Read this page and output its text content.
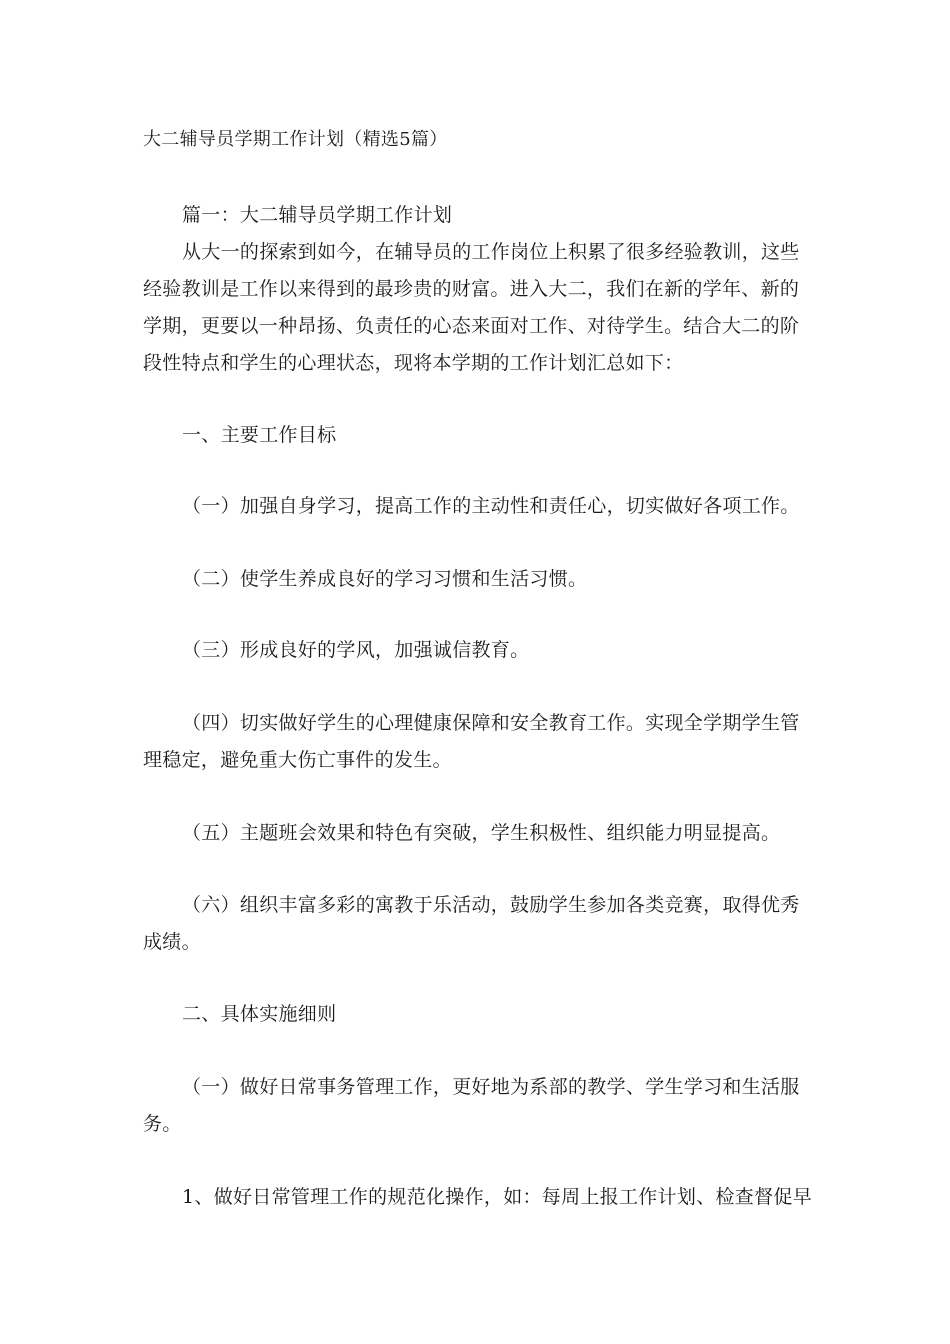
大二辅导员学期工作计划（精选5篇）
篇一：大二辅导员学期工作计划
从大一的探索到如今，在辅导员的工作岗位上积累了很多经验教训，这些
经验教训是工作以来得到的最珍贵的财富。进入大二，我们在新的学年、新的
学期，更要以一种昂扬、负责任的心态来面对工作、对待学生。结合大二的阶
段性特点和学生的心理状态，现将本学期的工作计划汇总如下：
一、主要工作目标
（一）加强自身学习，提高工作的主动性和责任心，切实做好各项工作。
（二）使学生养成良好的学习习惯和生活习惯。
（三）形成良好的学风，加强诚信教育。
（四）切实做好学生的心理健康保障和安全教育工作。实现全学期学生管
理稳定，避免重大伤亡事件的发生。
（五）主题班会效果和特色有突破，学生积极性、组织能力明显提高。
（六）组织丰富多彩的寓教于乐活动，鼓励学生参加各类竞赛，取得优秀
成绩。
二、具体实施细则
（一）做好日常事务管理工作，更好地为系部的教学、学生学习和生活服
务。
1、做好日常管理工作的规范化操作，如：每周上报工作计划、检查督促早
